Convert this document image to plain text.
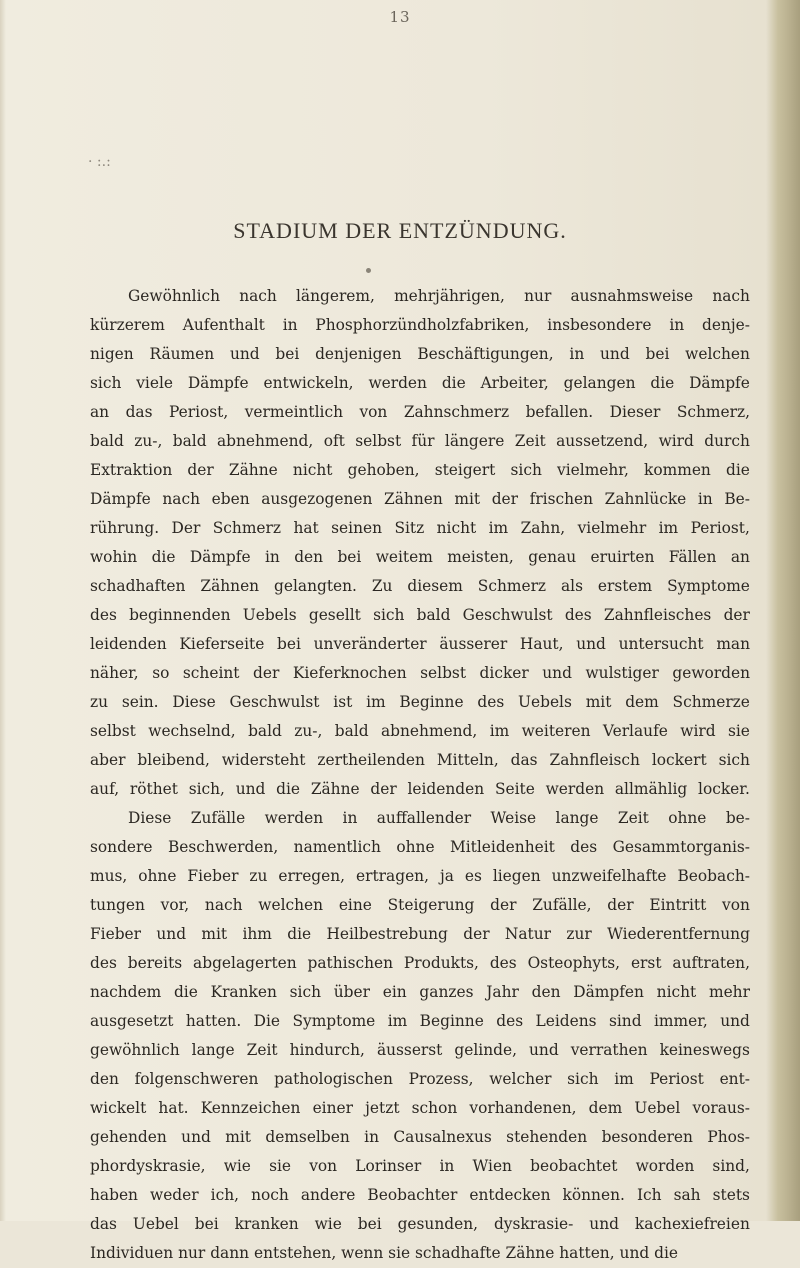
13
· :.:
STADIUM DER ENTZÜNDUNG.
Gewöhnlich nach längerem, mehrjährigen, nur ausnahmsweise nach
kürzerem Aufenthalt in Phosphorzündholzfabriken, insbesondere in denje-
nigen Räumen und bei denjenigen Beschäftigungen, in und bei welchen
sich viele Dämpfe entwickeln, werden die Arbeiter, gelangen die Dämpfe
an das Periost, vermeintlich von Zahnschmerz befallen. Dieser Schmerz,
bald zu-, bald abnehmend, oft selbst für längere Zeit aussetzend, wird durch
Extraktion der Zähne nicht gehoben, steigert sich vielmehr, kommen die
Dämpfe nach eben ausgezogenen Zähnen mit der frischen Zahnlücke in Be-
rührung. Der Schmerz hat seinen Sitz nicht im Zahn, vielmehr im Periost,
wohin die Dämpfe in den bei weitem meisten, genau eruirten Fällen an
schadhaften Zähnen gelangten. Zu diesem Schmerz als erstem Symptome
des beginnenden Uebels gesellt sich bald Geschwulst des Zahnfleisches der
leidenden Kieferseite bei unveränderter äusserer Haut, und untersucht man
näher, so scheint der Kieferknochen selbst dicker und wulstiger geworden
zu sein. Diese Geschwulst ist im Beginne des Uebels mit dem Schmerze
selbst wechselnd, bald zu-, bald abnehmend, im weiteren Verlaufe wird sie
aber bleibend, widersteht zertheilenden Mitteln, das Zahnfleisch lockert sich
auf, röthet sich, und die Zähne der leidenden Seite werden allmählig locker.
Diese Zufälle werden in auffallender Weise lange Zeit ohne be-
sondere Beschwerden, namentlich ohne Mitleidenheit des Gesammtorganis-
mus, ohne Fieber zu erregen, ertragen, ja es liegen unzweifelhafte Beobach-
tungen vor, nach welchen eine Steigerung der Zufälle, der Eintritt von
Fieber und mit ihm die Heilbestrebung der Natur zur Wiederentfernung
des bereits abgelagerten pathischen Produkts, des Osteophyts, erst auftraten,
nachdem die Kranken sich über ein ganzes Jahr den Dämpfen nicht mehr
ausgesetzt hatten. Die Symptome im Beginne des Leidens sind immer, und
gewöhnlich lange Zeit hindurch, äusserst gelinde, und verrathen keineswegs
den folgenschweren pathologischen Prozess, welcher sich im Periost ent-
wickelt hat. Kennzeichen einer jetzt schon vorhandenen, dem Uebel voraus-
gehenden und mit demselben in Causalnexus stehenden besonderen Phos-
phordyskrasie, wie sie von Lorinser in Wien beobachtet worden sind,
haben weder ich, noch andere Beobachter entdecken können. Ich sah stets
das Uebel bei kranken wie bei gesunden, dyskrasie- und kachexiefreien
Individuen nur dann entstehen, wenn sie schadhafte Zähne hatten, und die
